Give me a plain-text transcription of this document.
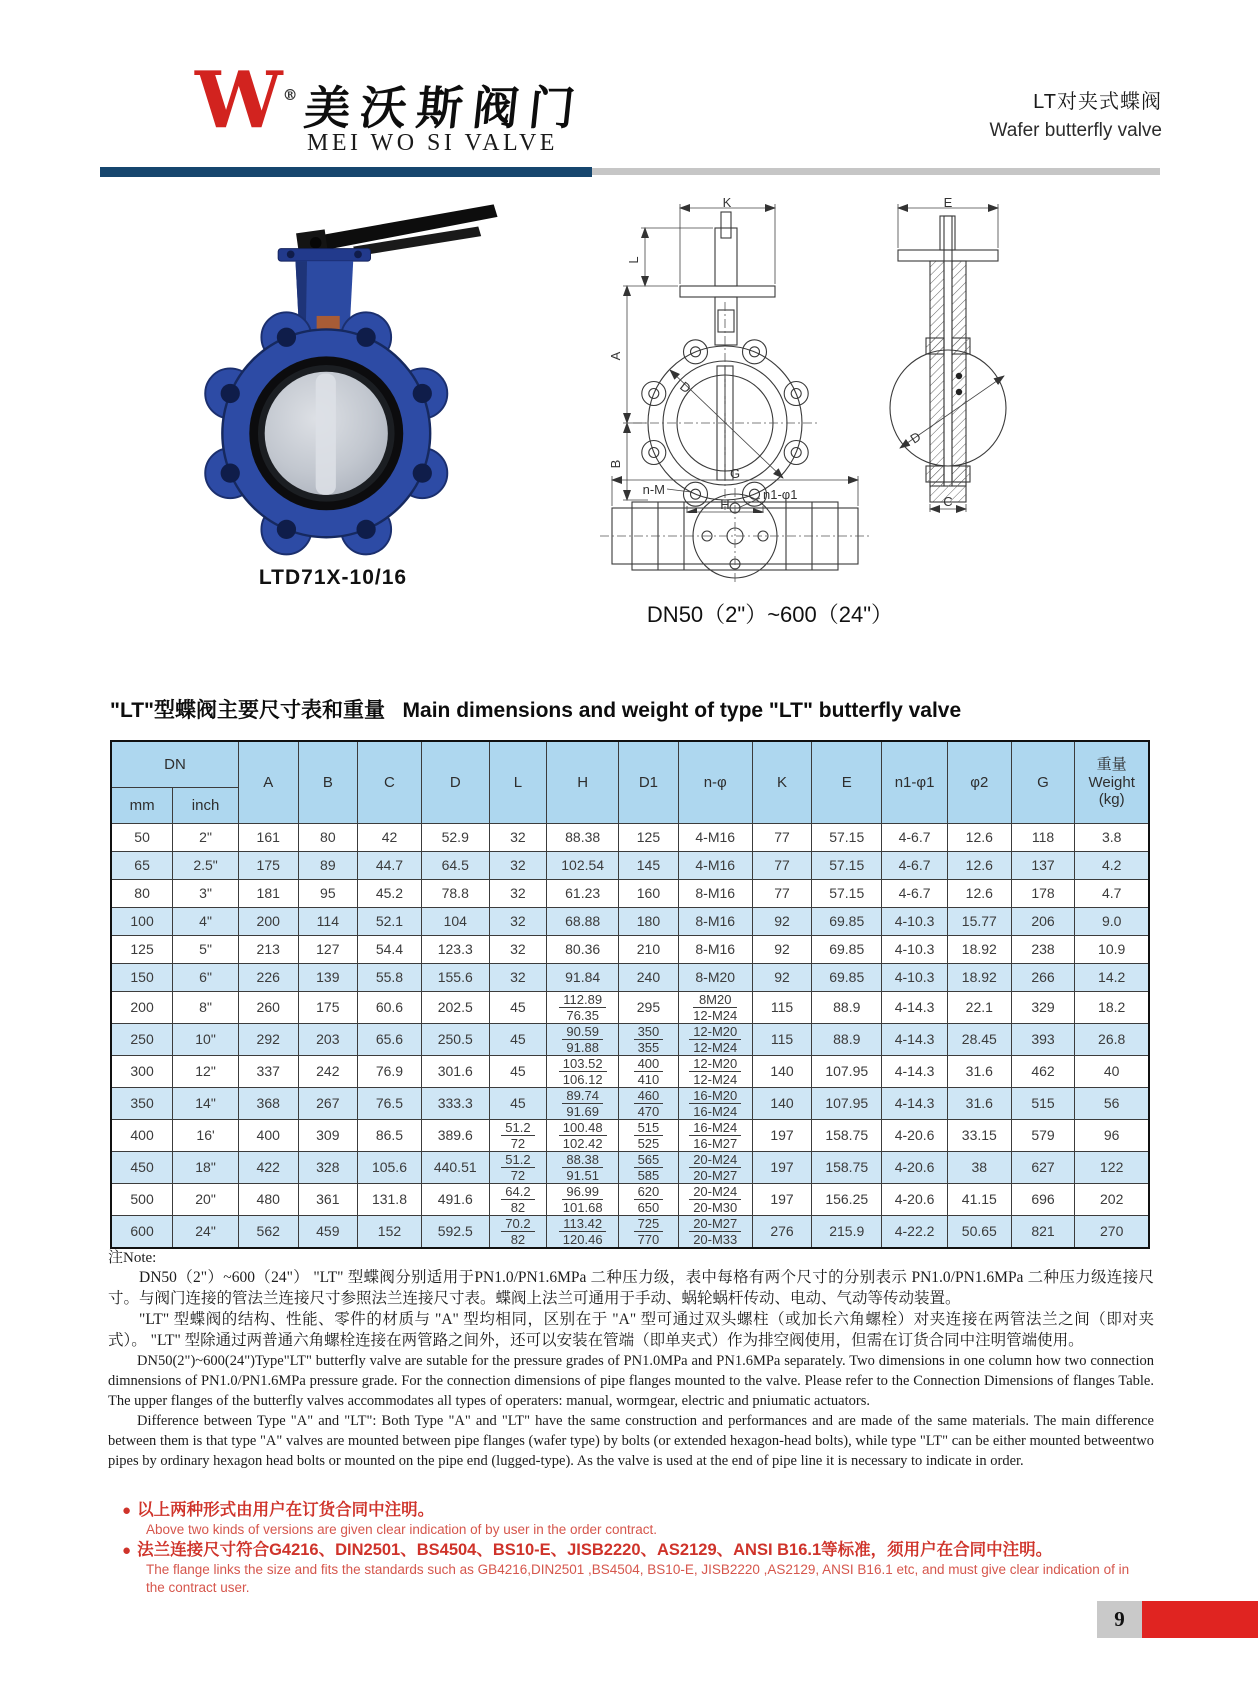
W® 美沃斯阀门
MEI WO SI VALVE
LT对夹式蝶阀
Wafer butterfly valve
LTD71X-10/16
K
L
A
B
D
n-M
H
E
D
C
G
n1-φ1
DN50（2"）~600（24"）
"LT"型蝶阀主要尺寸表和重量 Main dimensions and weight of type "LT" butterfly valve
DN		A	B	C	D	L	H	D1	n-φ	K	E	n1-φ1	φ2	G	重量
Weight
(kg)

mm	inch														
50	2"	161	80	42	52.9	32	88.38	125	4-M16	77	57.15	4-6.7	12.6	118	3.8
65	2.5"	175	89	44.7	64.5	32	102.54	145	4-M16	77	57.15	4-6.7	12.6	137	4.2
80	3"	181	95	45.2	78.8	32	61.23	160	8-M16	77	57.15	4-6.7	12.6	178	4.7
100	4"	200	114	52.1	104	32	68.88	180	8-M16	92	69.85	4-10.3	15.77	206	9.0
125	5"	213	127	54.4	123.3	32	80.36	210	8-M16	92	69.85	4-10.3	18.92	238	10.9
150	6"	226	139	55.8	155.6	32	91.84	240	8-M20	92	69.85	4-10.3	18.92	266	14.2
200	8"	260	175	60.6	202.5	45	$\frac{112.89}{76.35}$	295	$\frac{8M20}{12-M24}$	115	88.9	4-14.3	22.1	329	18.2
250	10"	292	203	65.6	250.5	45	$\frac{90.59}{91.88}$	$\frac{350}{355}$	$\frac{12-M20}{12-M24}$	115	88.9	4-14.3	28.45	393	26.8
300	12"	337	242	76.9	301.6	45	$\frac{103.52}{106.12}$	$\frac{400}{410}$	$\frac{12-M20}{12-M24}$	140	107.95	4-14.3	31.6	462	40
350	14"	368	267	76.5	333.3	45	$\frac{89.74}{91.69}$	$\frac{460}{470}$	$\frac{16-M20}{16-M24}$	140	107.95	4-14.3	31.6	515	56
400	16'	400	309	86.5	389.6	$\frac{51.2}{72}$	$\frac{100.48}{102.42}$	$\frac{515}{525}$	$\frac{16-M24}{16-M27}$	197	158.75	4-20.6	33.15	579	96
450	18"	422	328	105.6	440.51	$\frac{51.2}{72}$	$\frac{88.38}{91.51}$	$\frac{565}{585}$	$\frac{20-M24}{20-M27}$	197	158.75	4-20.6	38	627	122
500	20"	480	361	131.8	491.6	$\frac{64.2}{82}$	$\frac{96.99}{101.68}$	$\frac{620}{650}$	$\frac{20-M24}{20-M30}$	197	156.25	4-20.6	41.15	696	202
600	24"	562	459	152	592.5	$\frac{70.2}{82}$	$\frac{113.42}{120.46}$	$\frac{725}{770}$	$\frac{20-M27}{20-M33}$	276	215.9	4-22.2	50.65	821	270
注Note:

DN50（2"）~600（24"） "LT" 型蝶阀分别适用于PN1.0/PN1.6MPa 二种压力级，表中每格有两个尺寸的分别表示 PN1.0/PN1.6MPa 二种压力级连接尺寸。与阀门连接的管法兰连接尺寸参照法兰连接尺寸表。蝶阀上法兰可通用于手动、蜗轮蜗杆传动、电动、气动等传动装置。

"LT" 型蝶阀的结构、性能、零件的材质与 "A" 型均相同，区别在于 "A" 型可通过双头螺柱（或加长六角螺栓）对夹连接在两管法兰之间（即对夹式）。 "LT" 型除通过两普通六角螺栓连接在两管路之间外，还可以安装在管端（即单夹式）作为排空阀使用，但需在订货合同中注明管端使用。

DN50(2")~600(24")Type"LT" butterfly valve are sutable for the pressure grades of PN1.0MPa and PN1.6MPa separately. Two dimensions in one column how two connection dimnensions of PN1.0/PN1.6MPa pressure grade. For the connection dimensions of pipe flanges mounted to the valve. Please refer to the Connection Dimensions of flanges Table. The upper flanges of the butterfly valves accommodates all types of operaters: manual, wormgear, electric and pniumatic actuators.

Difference between Type "A" and "LT": Both Type "A" and "LT" have the same construction and performances and are made of the same materials. The main difference between them is that type "A" valves are mounted between pipe flanges (wafer type) by bolts (or extended hexagon-head bolts), while type "LT" can be either mounted betweentwo pipes by ordinary hexagon head bolts or mounted on the pipe end (lugged-type). As the valve is used at the end of pipe line it is necessary to indicate in order.

● 以上两种形式由用户在订货合同中注明。
Above two kinds of versions are given clear indication of by user in the order contract.
● 法兰连接尺寸符合G4216、DIN2501、BS4504、BS10-E、JISB2220、AS2129、ANSI B16.1等标准，须用户在合同中注明。
The flange links the size and fits the standards such as GB4216,DIN2501 ,BS4504, BS10-E, JISB2220 ,AS2129, ANSI B16.1 etc, and must give clear indication of in the contract user.
9
